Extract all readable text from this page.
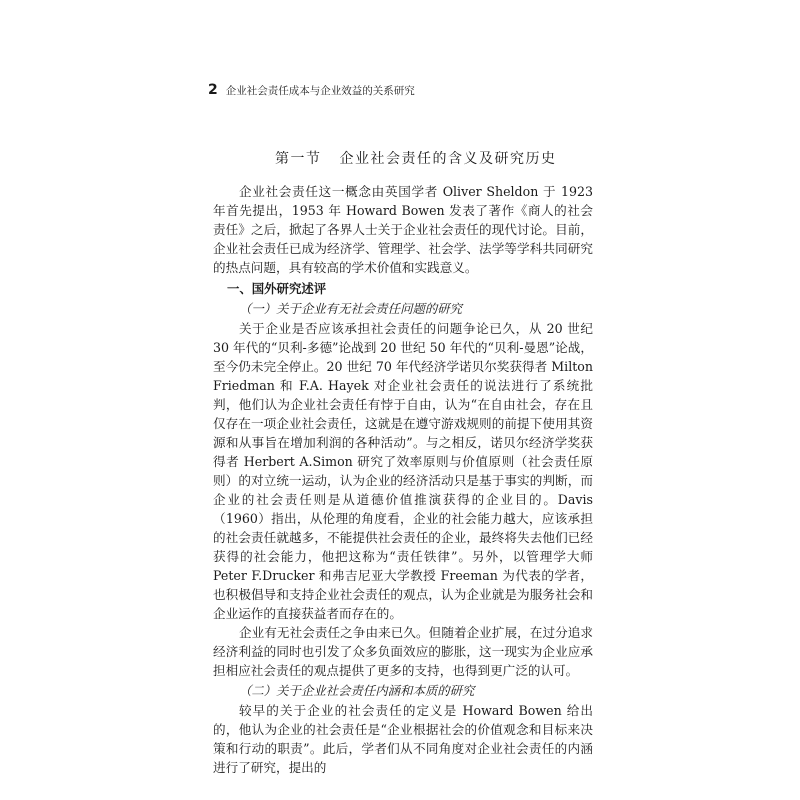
2 企业社会责任成本与企业效益的关系研究
第一节 企业社会责任的含义及研究历史

企业社会责任这一概念由英国学者 Oliver Sheldon 于 1923 年首先提出，1953 年 Howard Bowen 发表了著作《商人的社会责任》之后，掀起了各界人士关于企业社会责任的现代讨论。目前，企业社会责任已成为经济学、管理学、社会学、法学等学科共同研究的热点问题，具有较高的学术价值和实践意义。

一、国外研究述评
（一）关于企业有无社会责任问题的研究

关于企业是否应该承担社会责任的问题争论已久，从 20 世纪 30 年代的“贝利-多德”论战到 20 世纪 50 年代的“贝利-曼恩”论战，至今仍未完全停止。20 世纪 70 年代经济学诺贝尔奖获得者 Milton Friedman 和 F.A. Hayek 对企业社会责任的说法进行了系统批判，他们认为企业社会责任有悖于自由，认为“在自由社会，存在且仅存在一项企业社会责任，这就是在遵守游戏规则的前提下使用其资源和从事旨在增加利润的各种活动”。与之相反，诺贝尔经济学奖获得者 Herbert A.Simon 研究了效率原则与价值原则（社会责任原则）的对立统一运动，认为企业的经济活动只是基于事实的判断，而企业的社会责任则是从道德价值推演获得的企业目的。Davis（1960）指出，从伦理的角度看，企业的社会能力越大，应该承担的社会责任就越多，不能提供社会责任的企业，最终将失去他们已经获得的社会能力，他把这称为“责任铁律”。另外，以管理学大师 Peter F.Drucker 和弗吉尼亚大学教授 Freeman 为代表的学者，也积极倡导和支持企业社会责任的观点，认为企业就是为服务社会和企业运作的直接获益者而存在的。

企业有无社会责任之争由来已久。但随着企业扩展，在过分追求经济利益的同时也引发了众多负面效应的膨胀，这一现实为企业应承担相应社会责任的观点提供了更多的支持，也得到更广泛的认可。

（二）关于企业社会责任内涵和本质的研究

较早的关于企业的社会责任的定义是 Howard Bowen 给出的，他认为企业的社会责任是“企业根据社会的价值观念和目标来决策和行动的职责”。此后，学者们从不同角度对企业社会责任的内涵进行了研究，提出的
